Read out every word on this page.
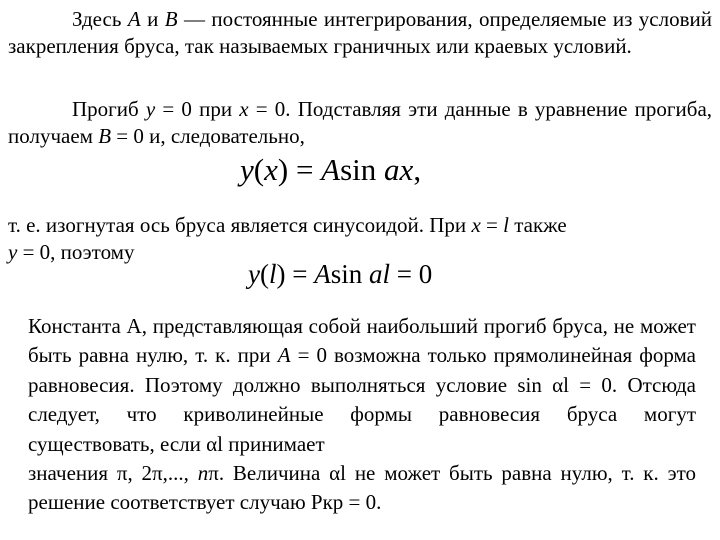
Здесь A и B — постоянные интегрирования, определяемые из условий закрепления бруса, так называемых граничных или краевых условий.

Прогиб y = 0 при x = 0. Подставляя эти данные в уравнение прогиба, получаем B = 0 и, следовательно,

y(x) = Asin ax,

т. е. изогнутая ось бруса является синусоидой. При x = l также
y = 0, поэтому

y(l) = Asin al = 0

Константа А, представляющая собой наибольший прогиб бруса, не может быть равна нулю, т. к. при A = 0 возможна только прямолинейная форма равновесия. Поэтому должно выполняться условие sin αl = 0. Отсюда следует, что криволинейные формы равновесия бруса могут существовать, если αl принимает
значения π, 2π,..., nπ. Величина αl не может быть равна нулю, т. к. это решение соответствует случаю Ркр = 0.
